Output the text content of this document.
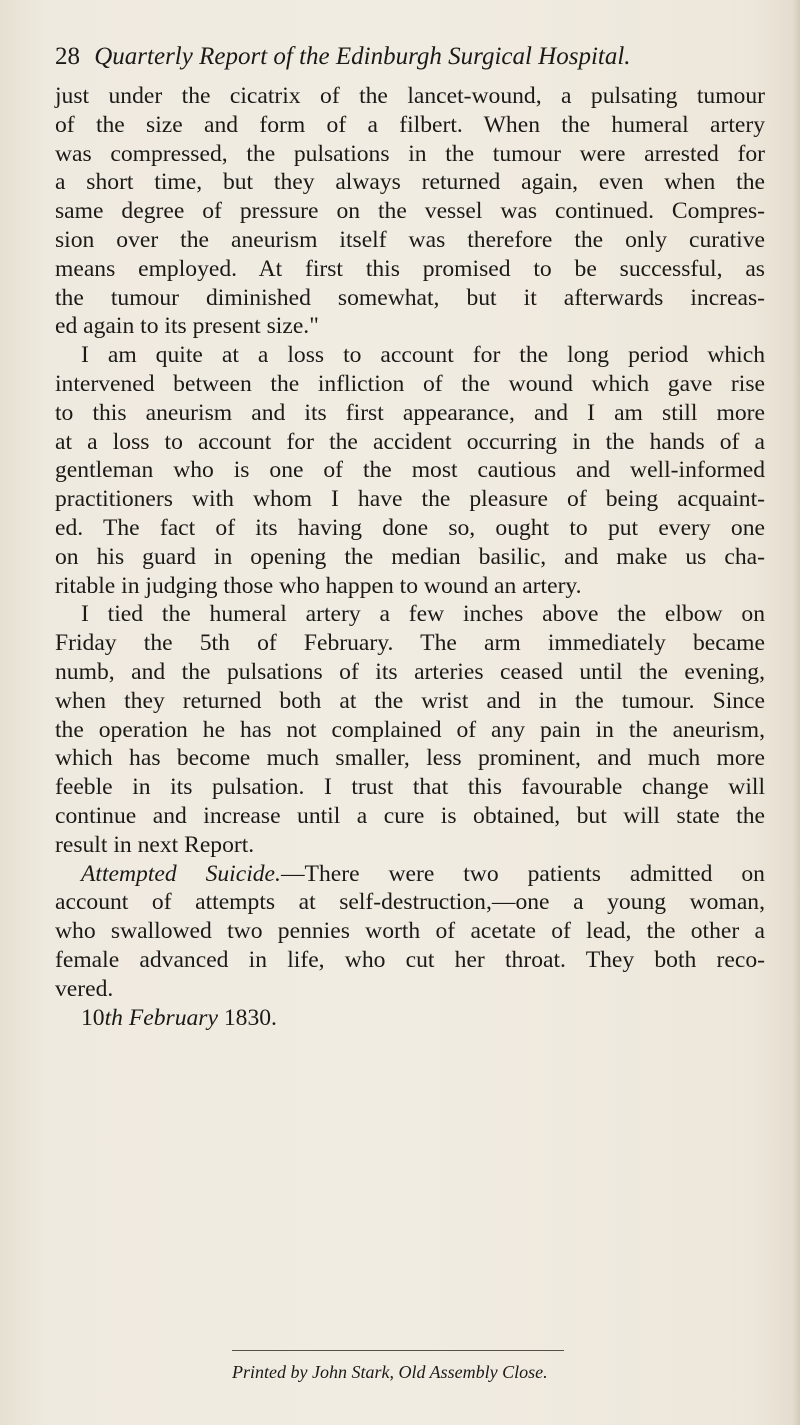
28 Quarterly Report of the Edinburgh Surgical Hospital.
just under the cicatrix of the lancet-wound, a pulsating tumour
of the size and form of a filbert. When the humeral artery
was compressed, the pulsations in the tumour were arrested for
a short time, but they always returned again, even when the
same degree of pressure on the vessel was continued. Compres-
sion over the aneurism itself was therefore the only curative
means employed. At first this promised to be successful, as
the tumour diminished somewhat, but it afterwards increas-
ed again to its present size."
I am quite at a loss to account for the long period which
intervened between the infliction of the wound which gave rise
to this aneurism and its first appearance, and I am still more
at a loss to account for the accident occurring in the hands of a
gentleman who is one of the most cautious and well-informed
practitioners with whom I have the pleasure of being acquaint-
ed. The fact of its having done so, ought to put every one
on his guard in opening the median basilic, and make us cha-
ritable in judging those who happen to wound an artery.
I tied the humeral artery a few inches above the elbow on
Friday the 5th of February. The arm immediately became
numb, and the pulsations of its arteries ceased until the evening,
when they returned both at the wrist and in the tumour. Since
the operation he has not complained of any pain in the aneurism,
which has become much smaller, less prominent, and much more
feeble in its pulsation. I trust that this favourable change will
continue and increase until a cure is obtained, but will state the
result in next Report.
Attempted Suicide.—There were two patients admitted on
account of attempts at self-destruction,—one a young woman,
who swallowed two pennies worth of acetate of lead, the other a
female advanced in life, who cut her throat. They both reco-
vered.
10th February 1830.
Printed by John Stark, Old Assembly Close.
